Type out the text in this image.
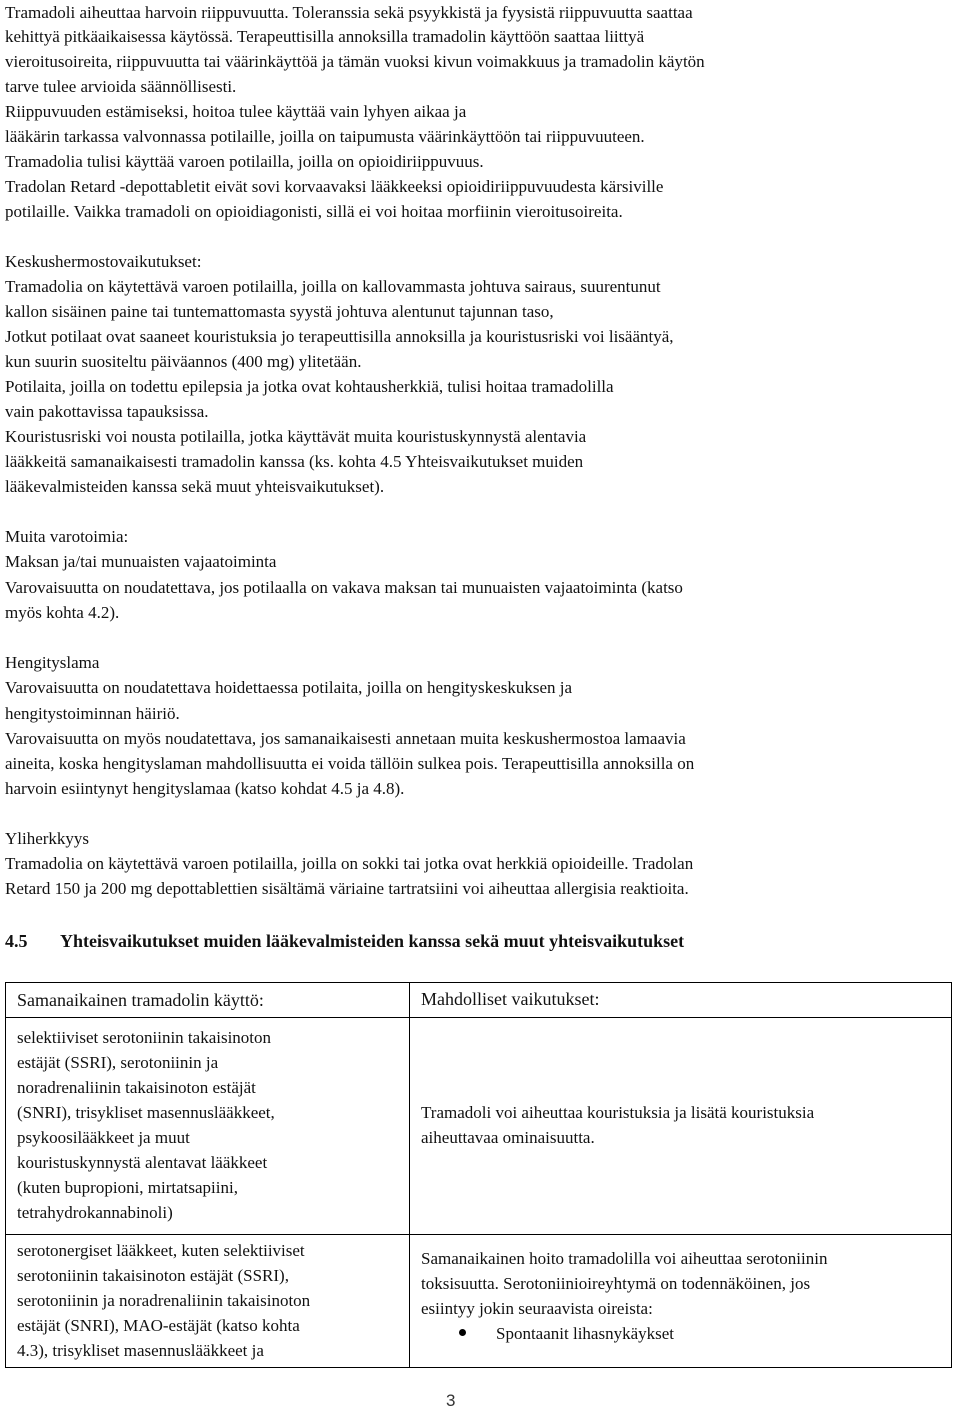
Tramadoli aiheuttaa harvoin riippuvuutta. Toleranssia sekä psyykkistä ja fyysistä riippuvuutta saattaa
kehittyä pitkäaikaisessa käytössä. Terapeuttisilla annoksilla tramadolin käyttöön saattaa liittyä
vieroitusoireita, riippuvuutta tai väärinkäyttöä ja tämän vuoksi kivun voimakkuus ja tramadolin käytön
tarve tulee arvioida säännöllisesti.
Riippuvuuden estämiseksi, hoitoa tulee käyttää vain lyhyen aikaa ja
lääkärin tarkassa valvonnassa potilaille, joilla on taipumusta väärinkäyttöön tai riippuvuuteen.
Tramadolia tulisi käyttää varoen potilailla, joilla on opioidiriippuvuus.
Tradolan Retard -depottabletit eivät sovi korvaavaksi lääkkeeksi opioidiriippuvuudesta kärsiville
potilaille. Vaikka tramadoli on opioidiagonisti, sillä ei voi hoitaa morfiinin vieroitusoireita.
Keskushermostovaikutukset:
Tramadolia on käytettävä varoen potilailla, joilla on kallovammasta johtuva sairaus, suurentunut
kallon sisäinen paine tai tuntemattomasta syystä johtuva alentunut tajunnan taso,
Jotkut potilaat ovat saaneet kouristuksia jo terapeuttisilla annoksilla ja kouristusriski voi lisääntyä,
kun suurin suositeltu päiväannos (400 mg) ylitetään.
Potilaita, joilla on todettu epilepsia ja jotka ovat kohtausherkkiä, tulisi hoitaa tramadolilla
vain pakottavissa tapauksissa.
Kouristusriski voi nousta potilailla, jotka käyttävät muita kouristuskynnystä alentavia
lääkkeitä samanaikaisesti tramadolin kanssa (ks. kohta 4.5 Yhteisvaikutukset muiden
lääkevalmisteiden kanssa sekä muut yhteisvaikutukset).
Muita varotoimia:
Maksan ja/tai munuaisten vajaatoiminta
Varovaisuutta on noudatettava, jos potilaalla on vakava maksan tai munuaisten vajaatoiminta (katso
myös kohta 4.2).
Hengityslama
Varovaisuutta on noudatettava hoidettaessa potilaita, joilla on hengityskeskuksen ja
hengitystoiminnan häiriö.
Varovaisuutta on myös noudatettava, jos samanaikaisesti annetaan muita keskushermostoa lamaavia
aineita, koska hengityslaman mahdollisuutta ei voida tällöin sulkea pois. Terapeuttisilla annoksilla on
harvoin esiintynyt hengityslamaa (katso kohdat 4.5 ja 4.8).
Yliherkkyys
Tramadolia on käytettävä varoen potilailla, joilla on sokki tai jotka ovat herkkiä opioideille. Tradolan
Retard 150 ja 200 mg depottablettien sisältämä väriaine tartratsiini voi aiheuttaa allergisia reaktioita.
4.5 Yhteisvaikutukset muiden lääkevalmisteiden kanssa sekä muut yhteisvaikutukset
Samanaikainen tramadolin käyttö:	Mahdolliset vaikutukset:
selektiiviset serotoniinin takaisinoton
estäjät (SSRI), serotoniinin ja
noradrenaliinin takaisinoton estäjät
(SNRI), trisykliset masennuslääkkeet,
psykoosilääkkeet ja muut
kouristuskynnystä alentavat lääkkeet
(kuten bupropioni, mirtatsapiini,
tetrahydrokannabinoli)
Tramadoli voi aiheuttaa kouristuksia ja lisätä kouristuksia
aiheuttavaa ominaisuutta.
serotonergiset lääkkeet, kuten selektiiviset
serotoniinin takaisinoton estäjät (SSRI),
serotoniinin ja noradrenaliinin takaisinoton
estäjät (SNRI), MAO-estäjät (katso kohta
4.3), trisykliset masennuslääkkeet ja
Samanaikainen hoito tramadolilla voi aiheuttaa serotoniinin
toksisuutta. Serotoniinioireyhtymä on todennäköinen, jos
esiintyy jokin seuraavista oireista:
Spontaanit lihasnykäykset
3
